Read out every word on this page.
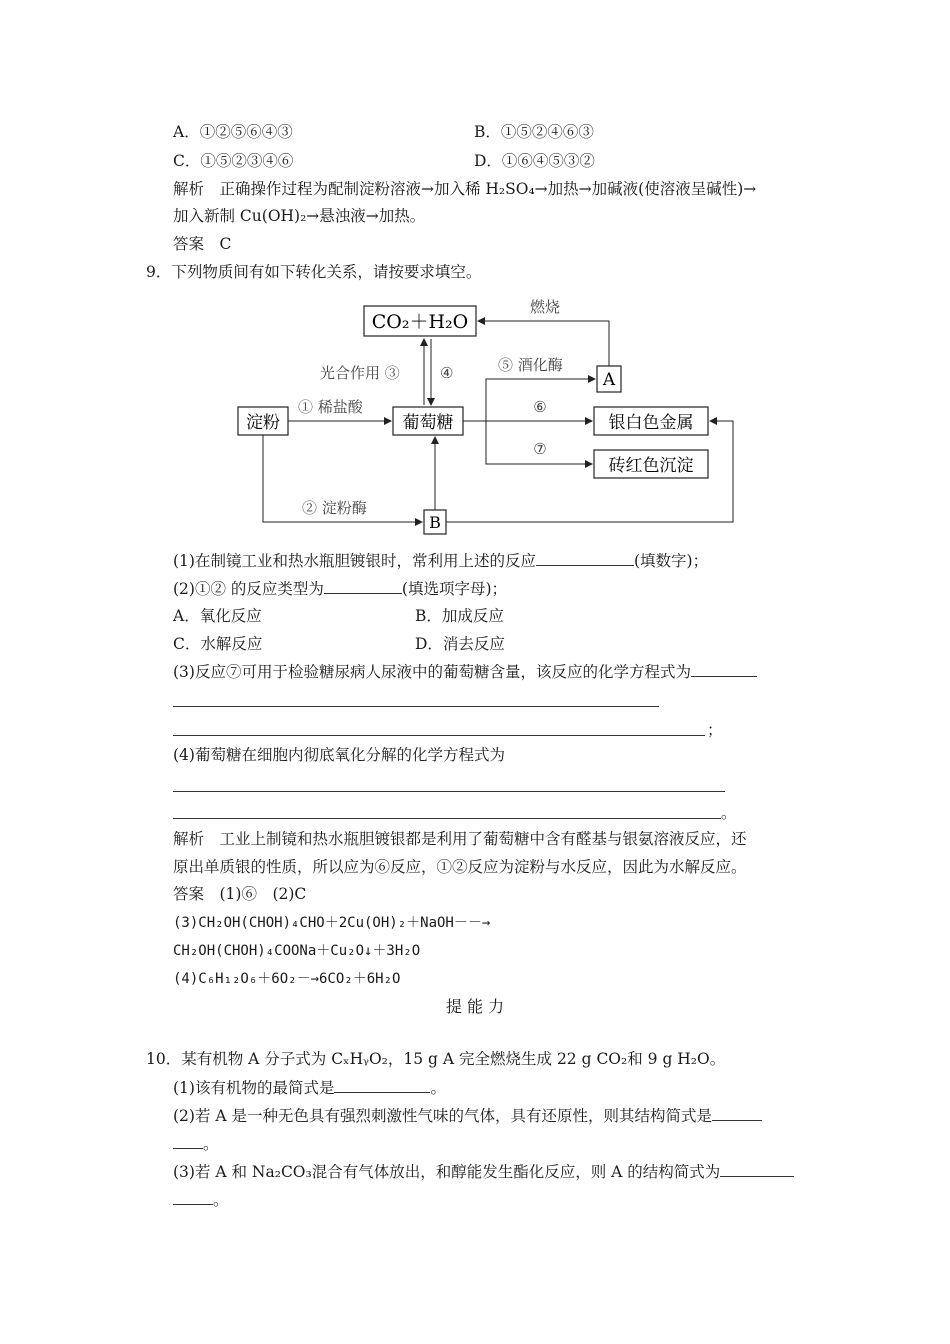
A．①②⑤⑥④③	B．①⑤②④⑥③
C．①⑤②③④⑥	D．①⑥④⑤③②
解析　正确操作过程为配制淀粉溶液→加入稀 H₂SO₄→加热→加碱液(使溶液呈碱性)→
加入新制 Cu(OH)₂→悬浊液→加热。
答案　C
9．下列物质间有如下转化关系，请按要求填空。
CO₂＋H₂O
淀粉	葡萄糖
A
银白色金属
砖红色沉淀
B
燃烧
光合作用 ③	④
① 稀盐酸
⑤ 酒化酶
⑥
⑦
② 淀粉酶
(1)在制镜工业和热水瓶胆镀银时，常利用上述的反应	(填数字)；
(2)①② 的反应类型为	(填选项字母)；
A．氧化反应	B．加成反应
C．水解反应	D．消去反应
(3)反应⑦可用于检验糖尿病人尿液中的葡萄糖含量，该反应的化学方程式为
；
(4)葡萄糖在细胞内彻底氧化分解的化学方程式为
。
解析　工业上制镜和热水瓶胆镀银都是利用了葡萄糖中含有醛基与银氨溶液反应，还
原出单质银的性质，所以应为⑥反应，①②反应为淀粉与水反应，因此为水解反应。
答案　(1)⑥　(2)C
(3)CH₂OH(CHOH)₄CHO＋2Cu(OH)₂＋NaOH－－→
CH₂OH(CHOH)₄COONa＋Cu₂O↓＋3H₂O
(4)C₆H₁₂O₆＋6O₂－→6CO₂＋6H₂O
提 能 力
10．某有机物 A 分子式为 CₓHᵧO₂，15 g A 完全燃烧生成 22 g CO₂和 9 g H₂O。
(1)该有机物的最简式是	。
(2)若 A 是一种无色具有强烈刺激性气味的气体，具有还原性，则其结构简式是
。
(3)若 A 和 Na₂CO₃混合有气体放出，和醇能发生酯化反应，则 A 的结构简式为
。
